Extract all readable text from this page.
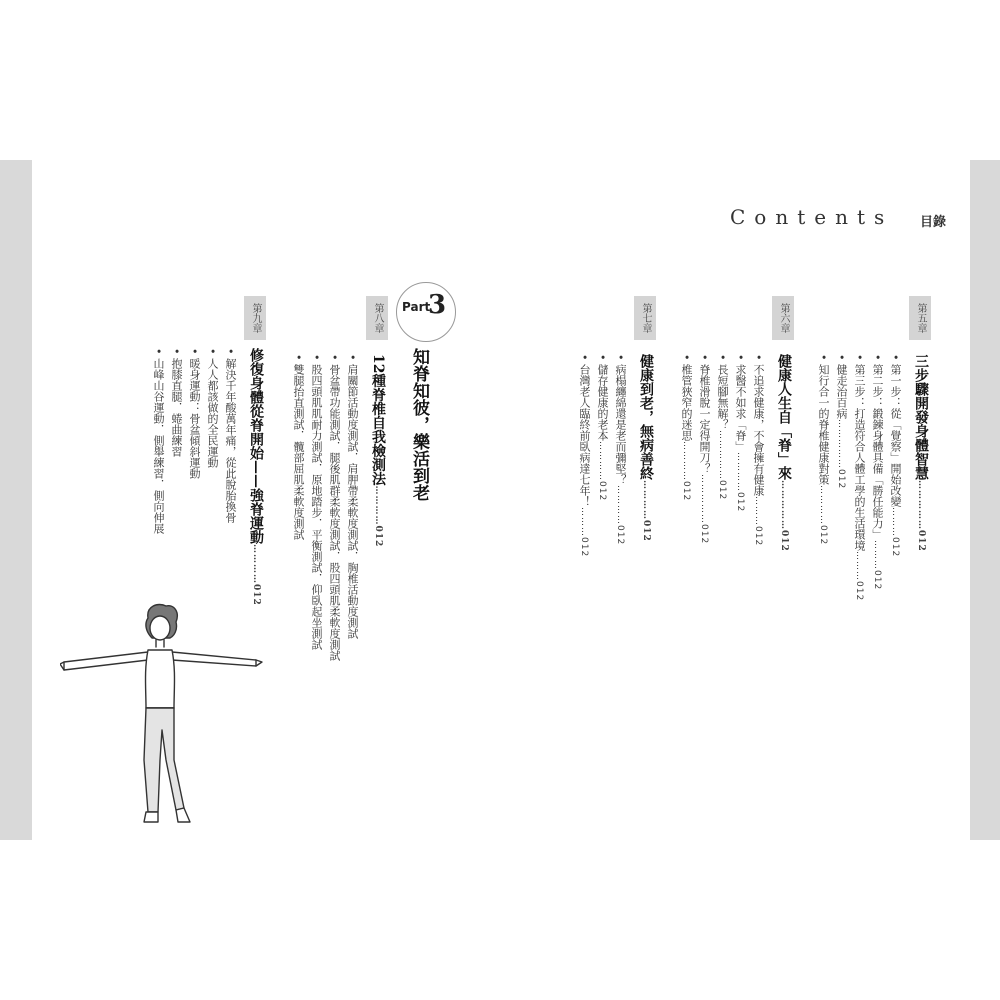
Contents 目錄
第五章
三步驟開發身體智慧……………012
• 第一步：從「覺察」開始改變………012
• 第二步：鍛鍊身體具備「勝任能力」………012
• 第三步：打造符合人體工學的生活環境………012
• 健走治百病……………012
• 知行合一的脊椎健康對策…………012
第六章
健康人生自「脊」來……………012
• 不追求健康，不會擁有健康………012
• 求醫不如求「脊」…………012
• 長短腳無解？……………012
• 脊椎滑脫一定得開刀？……………012
• 椎管狹窄的迷思…………012
第七章
健康到老，無病善終…………012
• 病榻纏綿還是老而彌堅？…………012
• 儲存健康的老本…………012
• 台灣老人臨終前臥病達七年！………012
Part
3
知脊知彼，樂活到老
第八章
12種脊椎自我檢測法…………012
• 肩關節活動度測試．肩胛帶柔軟度測試．胸椎活動度測試
• 骨盆帶功能測試．腿後肌群柔軟度測試．股四頭肌柔軟度測試
• 股四頭肌肌耐力測試．原地踏步．平衡測試．仰臥起坐測試
• 雙腿抬直測試．髖部屈肌柔軟度測試
第九章
修復身體從脊開始——強脊運動…………012
• 解決千年酸萬年痛，從此脫胎換骨
• 人人都該做的全民運動
• 暖身運動：骨盆傾斜運動
• 抱膝直腿．蜷曲練習
• 山峰山谷運動．側舉練習．側向伸展
